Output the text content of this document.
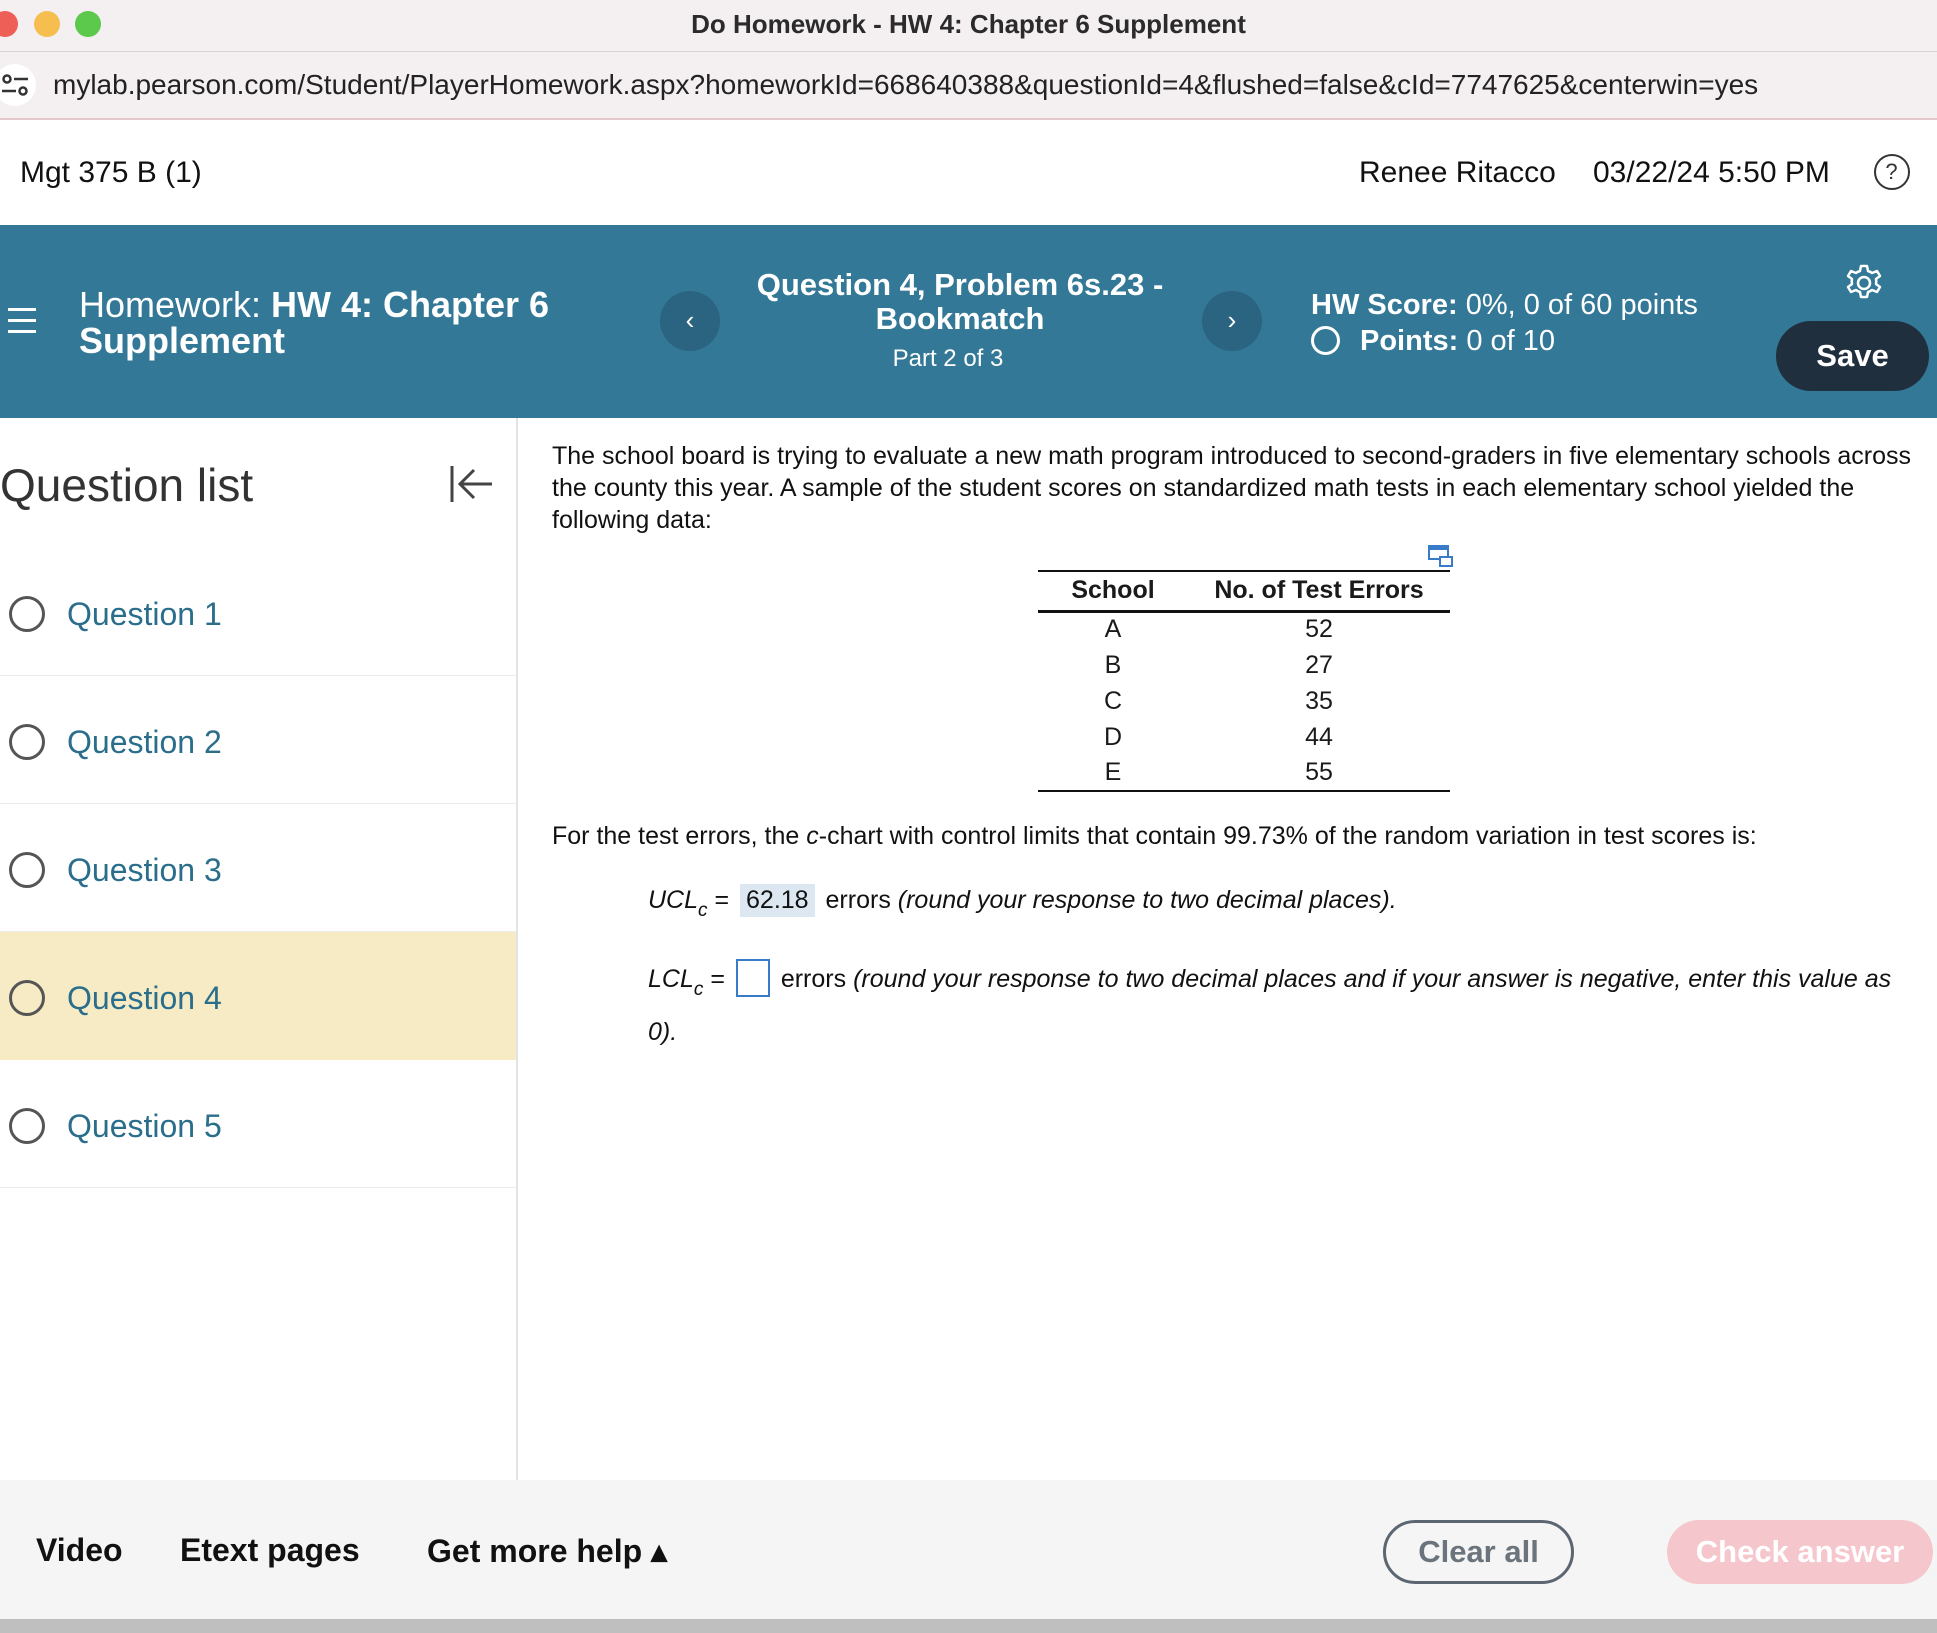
Do Homework - HW 4: Chapter 6 Supplement
mylab.pearson.com/Student/PlayerHomework.aspx?homeworkId=668640388&questionId=4&flushed=false&cId=7747625&centerwin=yes
Mgt 375 B (1)	Renee Ritacco 03/22/24 5:50 PM	?
Homework: HW 4: Chapter 6 Supplement	‹
Question 4, Problem 6s.23 - Bookmatch
Part 2 of 3
›	HW Score: 0%, 0 of 60 points
Points: 0 of 10	Save
Question list
Question 1
Question 2
Question 3
Question 4
Question 5
The school board is trying to evaluate a new math program introduced to second-graders in five elementary schools across the county this year. A sample of the student scores on standardized math tests in each elementary school yielded the following data:
School	No. of Test Errors
A	52
B	27
C	35
D	44
E	55
For the test errors, the c-chart with control limits that contain 99.73% of the random variation in test scores is:
$UCL_c = 62.18$ errors (round your response to two decimal places).
$LCL_c$ =  errors (round your response to two decimal places and if your answer is negative, enter this value as 0).
Video Etext pages Get more help ▴	Clear all	Check answer
